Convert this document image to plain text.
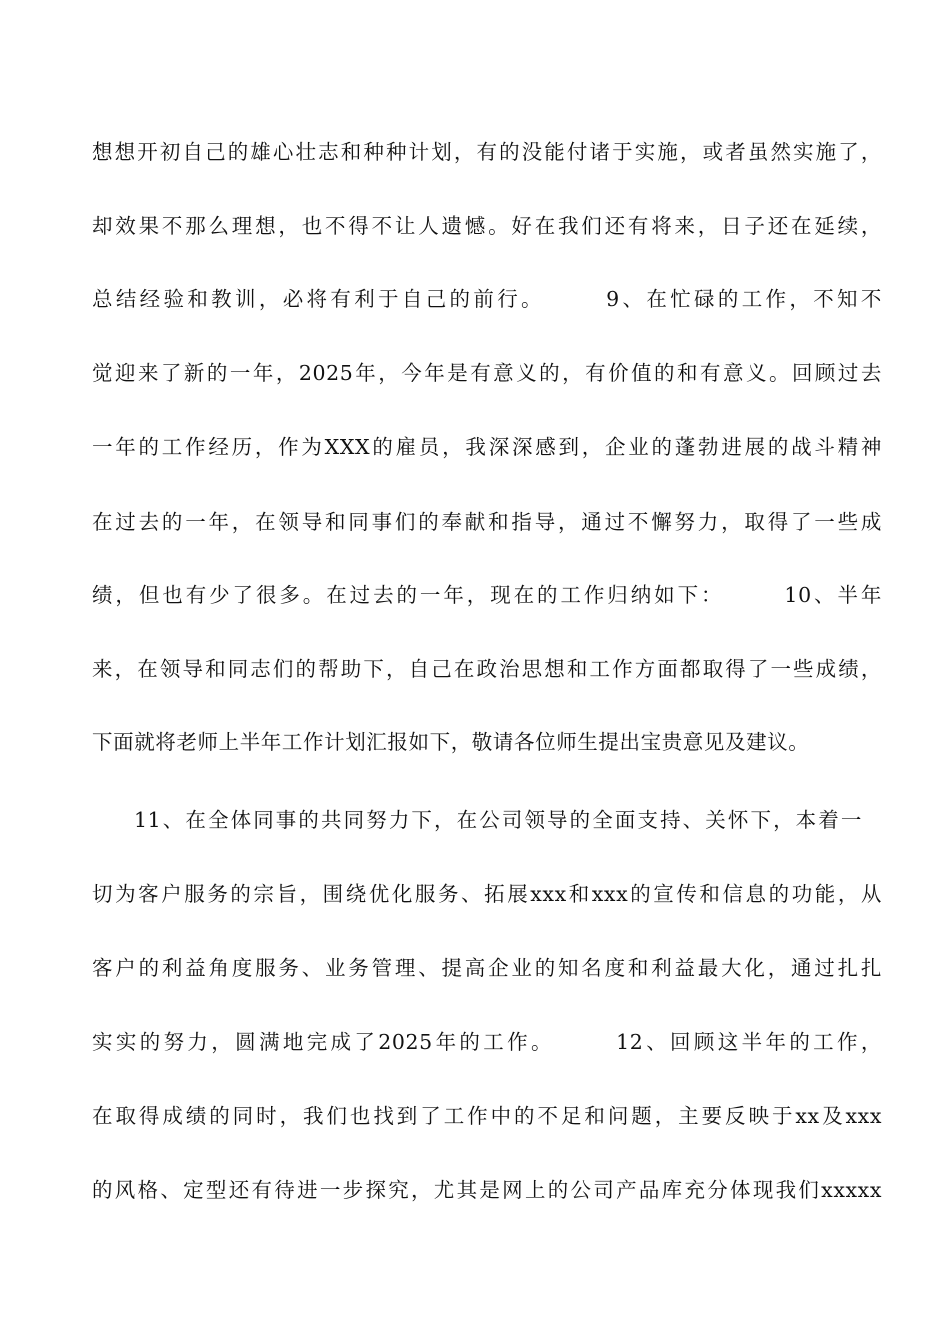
想想开初自己的雄心壮志和种种计划，有的没能付诸于实施，或者虽然实施了，
却效果不那么理想，也不得不让人遗憾。好在我们还有将来，日子还在延续，
总结经验和教训，必将有利于自己的前行。　　　9、在忙碌的工作，不知不
觉迎来了新的一年，2025年，今年是有意义的，有价值的和有意义。回顾过去
一年的工作经历，作为XXX的雇员，我深深感到，企业的蓬勃进展的战斗精神
在过去的一年，在领导和同事们的奉献和指导，通过不懈努力，取得了一些成
绩，但也有少了很多。在过去的一年，现在的工作归纳如下：　　　10、半年
来，在领导和同志们的帮助下，自己在政治思想和工作方面都取得了一些成绩，
下面就将老师上半年工作计划汇报如下，敬请各位师生提出宝贵意见及建议。
11、在全体同事的共同努力下，在公司领导的全面支持、关怀下，本着一
切为客户服务的宗旨，围绕优化服务、拓展xxx和xxx的宣传和信息的功能，从
客户的利益角度服务、业务管理、提高企业的知名度和利益最大化，通过扎扎
实实的努力，圆满地完成了2025年的工作。　　　12、回顾这半年的工作，
在取得成绩的同时，我们也找到了工作中的不足和问题，主要反映于xx及xxx
的风格、定型还有待进一步探究，尤其是网上的公司产品库充分体现我们xxxxx
